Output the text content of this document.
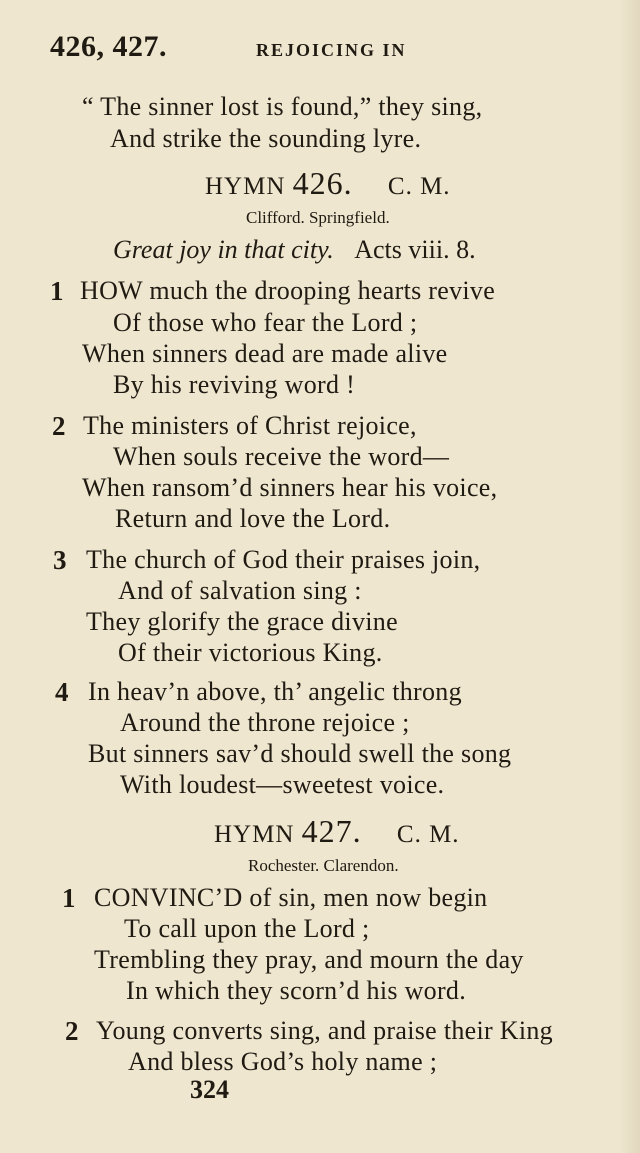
426, 427.	REJOICING IN
“ The sinner lost is found,” they sing,
And strike the sounding lyre.
HYMN 426. C. M.
Clifford. Springfield.
Great joy in that city. Acts viii. 8.
1 HOW much the drooping hearts revive
Of those who fear the Lord ;
When sinners dead are made alive
By his reviving word !
2 The ministers of Christ rejoice,
When souls receive the word—
When ransom’d sinners hear his voice,
Return and love the Lord.
3 The church of God their praises join,
And of salvation sing :
They glorify the grace divine
Of their victorious King.
4 In heav’n above, th’ angelic throng
Around the throne rejoice ;
But sinners sav’d should swell the song
With loudest—sweetest voice.
HYMN 427. C. M.
Rochester. Clarendon.
1 CONVINC’D of sin, men now begin
To call upon the Lord ;
Trembling they pray, and mourn the day
In which they scorn’d his word.
2 Young converts sing, and praise their King
And bless God’s holy name ;
324
